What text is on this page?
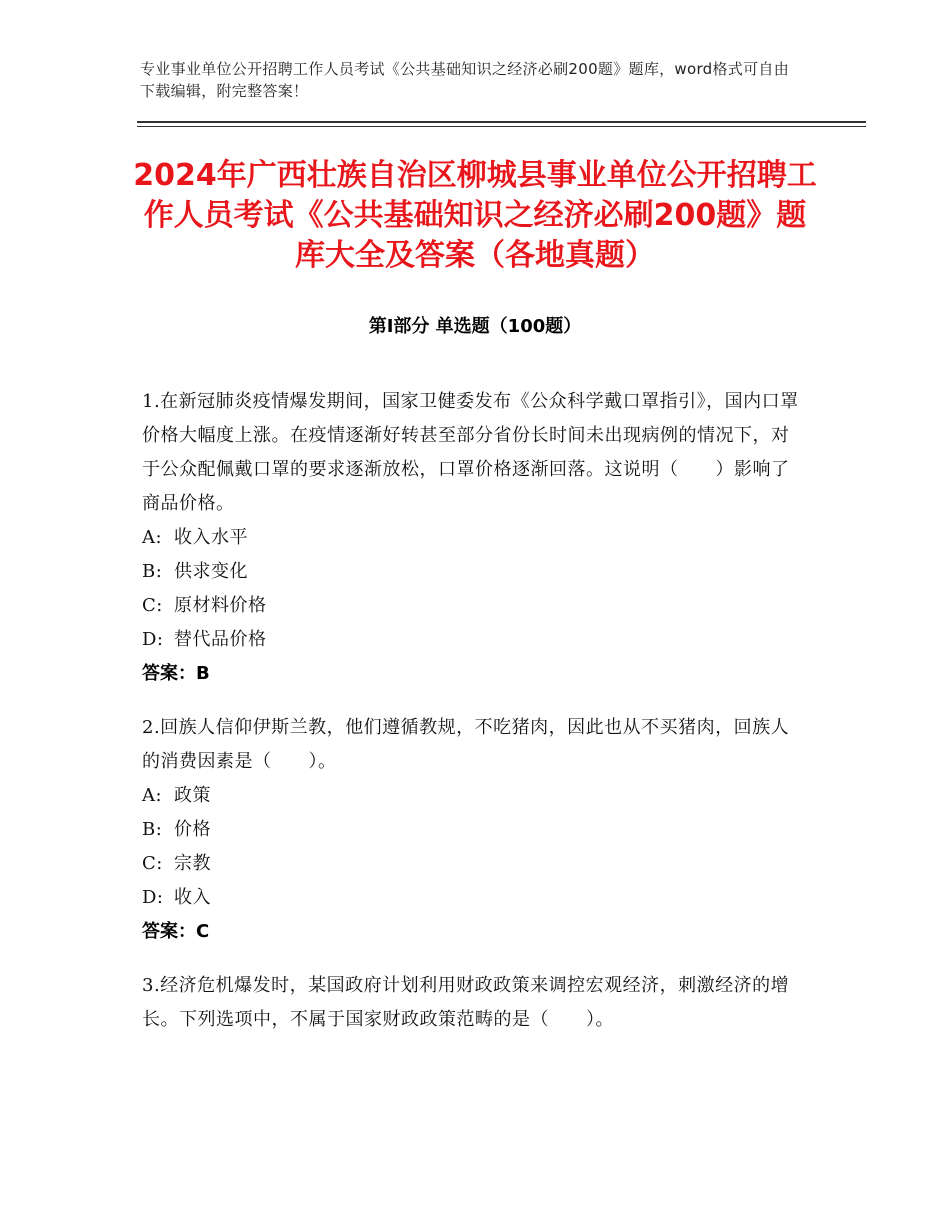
专业事业单位公开招聘工作人员考试《公共基础知识之经济必刷200题》题库，word格式可自由下载编辑，附完整答案！
2024年广西壮族自治区柳城县事业单位公开招聘工作人员考试《公共基础知识之经济必刷200题》题库大全及答案（各地真题）
第Ⅰ部分 单选题（100题）

1.在新冠肺炎疫情爆发期间，国家卫健委发布《公众科学戴口罩指引》，国内口罩价格大幅度上涨。在疫情逐渐好转甚至部分省份长时间未出现病例的情况下，对于公众配佩戴口罩的要求逐渐放松，口罩价格逐渐回落。这说明（　　）影响了商品价格。

A: 收入水平

B: 供求变化

C: 原材料价格

D: 替代品价格

答案：B

2.回族人信仰伊斯兰教，他们遵循教规，不吃猪肉，因此也从不买猪肉，回族人的消费因素是（　　）。

A: 政策

B: 价格

C: 宗教

D: 收入

答案：C

3.经济危机爆发时，某国政府计划利用财政政策来调控宏观经济，刺激经济的增长。下列选项中，不属于国家财政政策范畴的是（　　）。
